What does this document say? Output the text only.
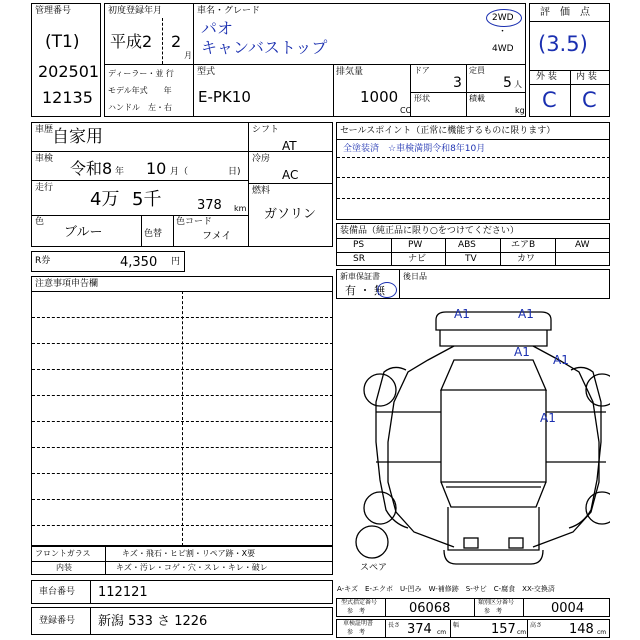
管理番号
(T1)
202501
12135
初度登録年月
平成2 2
月
ディーラー・並 行
モデル年式　　年
ハンドル　左・右
車名・グレード
パオ
キャンバストップ
2WD
・
4WD
型式
E-PK10
排気量
1000
CC
ドア
3
定員
5 人
形状	積載
kg
評　価　点
(3.5)
外 装 内 装
C C
車歴
自家用
車検 令和8 年 10 月（	日)
走行
4万 5千	378 km
色
ブルー	色替
色コード
フメイ
シフト
AT
冷房
AC
燃料
ガソリン
セールスポイント（正常に機能するものに限ります）
全塗装済　☆車検満期令和8年10月
装備品（純正品に限り○をつけてください）
PS	PW	ABS	エアB	AW
SR	ナビ	TV	カワ
R券	4,350 円
新車保証書
有 ・ 無
後日品
注意事項申告欄
A1	A1
A1
A1
A1
スペア
フロントガラス	キズ・飛石・ヒビ割・リペア跡・X要
内装	キズ・汚レ・コゲ・穴・スレ・キレ・破レ
A-キズ　E-エクボ　U-凹み　W-補修跡　S-サビ　C-腐食　XX-交換済
車台番号 112121
登録番号 新潟 533 さ 1226
型式指定番号
参　考	06068	類別区分番号
参　考	0004
車検証明書
参　考
長さ 374 cm
幅 157 cm
高さ 148 cm
